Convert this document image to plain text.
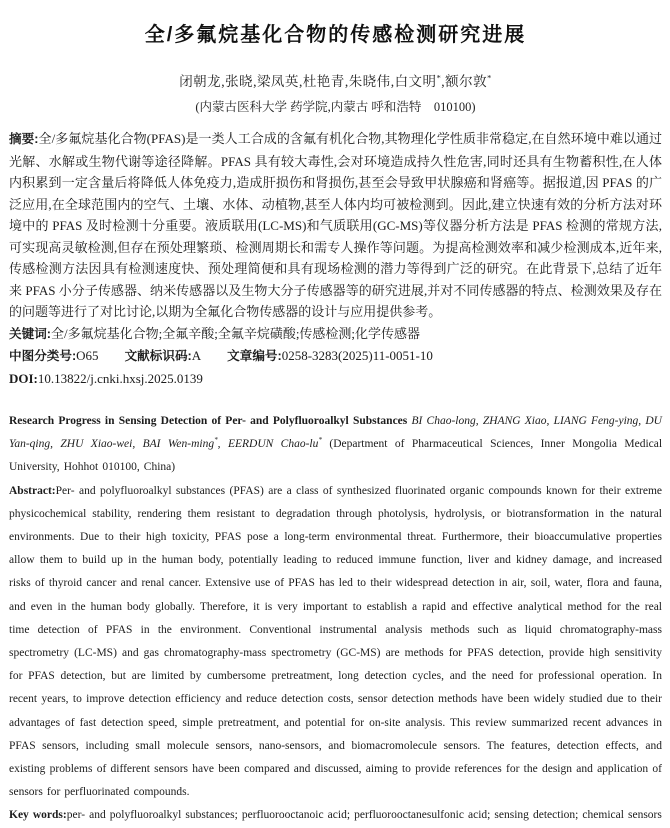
全/多氟烷基化合物的传感检测研究进展
闭朝龙,张晓,梁凤英,杜艳青,朱晓伟,白文明*,额尔敦*
(内蒙古医科大学 药学院,内蒙古 呼和浩特 010100)

摘要:全/多氟烷基化合物(PFAS)是一类人工合成的含氟有机化合物,其物理化学性质非常稳定,在自然环境中难以通过光解、水解或生物代谢等途径降解。PFAS 具有较大毒性,会对环境造成持久性危害,同时还具有生物蓄积性,在人体内积累到一定含量后将降低人体免疫力,造成肝损伤和肾损伤,甚至会导致甲状腺癌和肾癌等。据报道,因 PFAS 的广泛应用,在全球范围内的空气、土壤、水体、动植物,甚至人体内均可被检测到。因此,建立快速有效的分析方法对环境中的 PFAS 及时检测十分重要。液质联用(LC-MS)和气质联用(GC-MS)等仪器分析方法是 PFAS 检测的常规方法,可实现高灵敏检测,但存在预处理繁琐、检测周期长和需专人操作等问题。为提高检测效率和减少检测成本,近年来,传感检测方法因具有检测速度快、预处理简便和具有现场检测的潜力等得到广泛的研究。在此背景下,总结了近年来 PFAS 小分子传感器、纳米传感器以及生物大分子传感器等的研究进展,并对不同传感器的特点、检测效果及存在的问题等进行了对比讨论,以期为全氟化合物传感器的设计与应用提供参考。

关键词:全/多氟烷基化合物;全氟辛酸;全氟辛烷磺酸;传感检测;化学传感器

中图分类号:O65 文献标识码:A 文章编号:0258-3283(2025)11-0051-10

DOI:10.13822/j.cnki.hxsj.2025.0139

Research Progress in Sensing Detection of Per- and Polyfluoroalkyl Substances BI Chao-long, ZHANG Xiao, LIANG Feng-ying, DU Yan-qing, ZHU Xiao-wei, BAI Wen-ming*, EERDUN Chao-lu* (Department of Pharmaceutical Sciences, Inner Mongolia Medical University, Hohhot 010100, China)

Abstract:Per- and polyfluoroalkyl substances (PFAS) are a class of synthesized fluorinated organic compounds known for their extreme physicochemical stability, rendering them resistant to degradation through photolysis, hydrolysis, or biotransformation in the natural environments. Due to their high toxicity, PFAS pose a long-term environmental threat. Furthermore, their bioaccumulative properties allow them to build up in the human body, potentially leading to reduced immune function, liver and kidney damage, and increased risks of thyroid cancer and renal cancer. Extensive use of PFAS has led to their widespread detection in air, soil, water, flora and fauna, and even in the human body globally. Therefore, it is very important to establish a rapid and effective analytical method for the real time detection of PFAS in the environment. Conventional instrumental analysis methods such as liquid chromatography-mass spectrometry (LC-MS) and gas chromatography-mass spectrometry (GC-MS) are methods for PFAS detection, provide high sensitivity for PFAS detection, but are limited by cumbersome pretreatment, long detection cycles, and the need for professional operation. In recent years, to improve detection efficiency and reduce detection costs, sensor detection methods have been widely studied due to their advantages of fast detection speed, simple pretreatment, and potential for on-site analysis. This review summarized recent advances in PFAS sensors, including small molecule sensors, nano-sensors, and biomacromolecule sensors. The features, detection effects, and existing problems of different sensors have been compared and discussed, aiming to provide references for the design and application of sensors for perfluorinated compounds.

Key words:per- and polyfluoroalkyl substances; perfluorooctanoic acid; perfluorooctanesulfonic acid; sensing detection; chemical sensors
